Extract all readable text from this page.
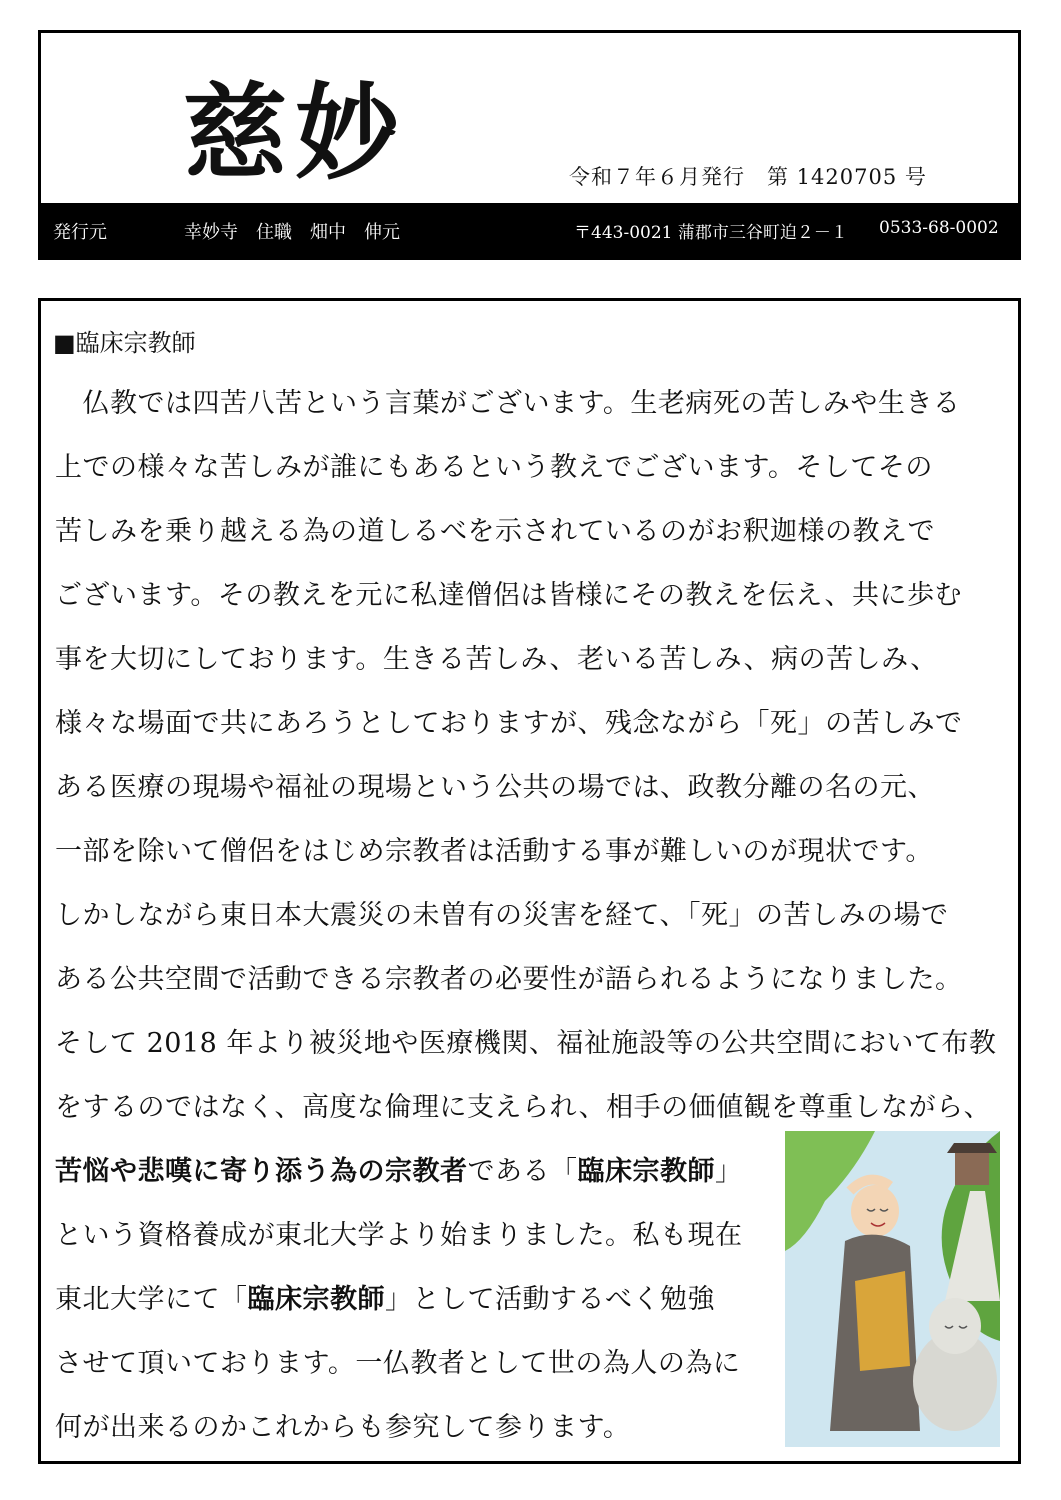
慈妙	令和７年６月発行 第 1420705 号
発行元	幸妙寺　住職　畑中　伸元	〒443-0021 蒲郡市三谷町迫２－１ 0533-68-0002
■臨床宗教師
　仏教では四苦八苦という言葉がございます。生老病死の苦しみや生きる
上での様々な苦しみが誰にもあるという教えでございます。そしてその
苦しみを乗り越える為の道しるべを示されているのがお釈迦様の教えで
ございます。その教えを元に私達僧侶は皆様にその教えを伝え、共に歩む
事を大切にしております。生きる苦しみ、老いる苦しみ、病の苦しみ、
様々な場面で共にあろうとしておりますが、残念ながら「死」の苦しみで
ある医療の現場や福祉の現場という公共の場では、政教分離の名の元、
一部を除いて僧侶をはじめ宗教者は活動する事が難しいのが現状です。
しかしながら東日本大震災の未曽有の災害を経て、「死」の苦しみの場で
ある公共空間で活動できる宗教者の必要性が語られるようになりました。
そして 2018 年より被災地や医療機関、福祉施設等の公共空間において布教
をするのではなく、高度な倫理に支えられ、相手の価値観を尊重しながら、
苦悩や悲嘆に寄り添う為の宗教者である「臨床宗教師」
という資格養成が東北大学より始まりました。私も現在
東北大学にて「臨床宗教師」として活動するべく勉強
させて頂いております。一仏教者として世の為人の為に
何が出来るのかこれからも参究して参ります。
